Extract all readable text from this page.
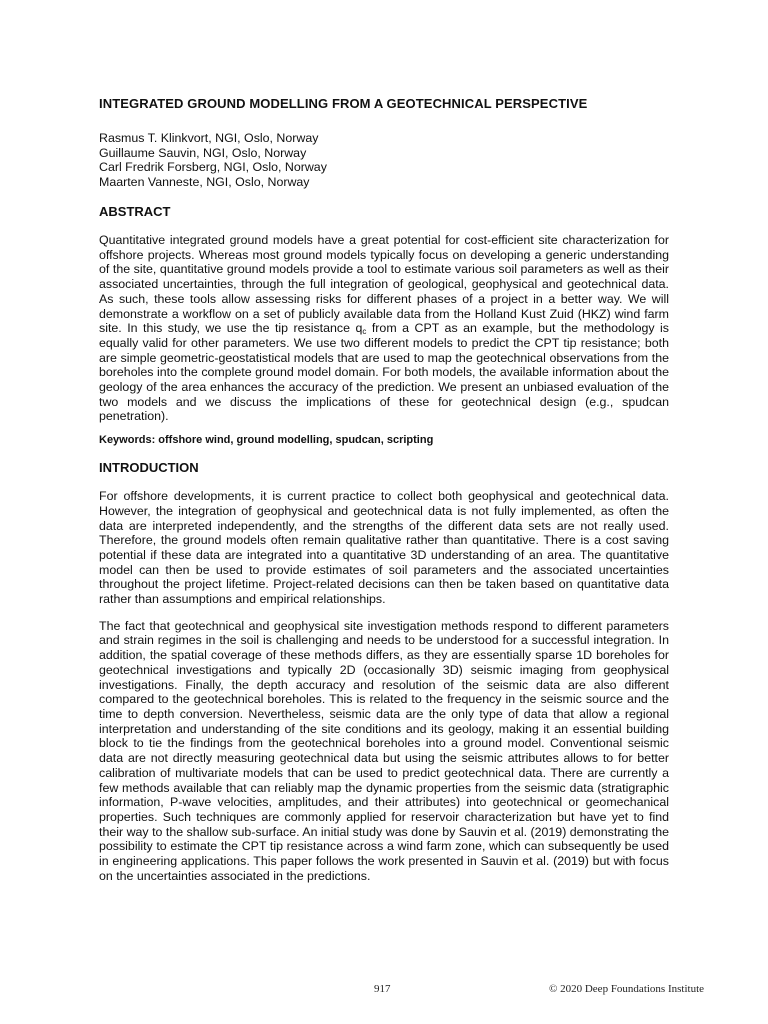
INTEGRATED GROUND MODELLING FROM A GEOTECHNICAL PERSPECTIVE
Rasmus T. Klinkvort, NGI, Oslo, Norway
Guillaume Sauvin, NGI, Oslo, Norway
Carl Fredrik Forsberg, NGI, Oslo, Norway
Maarten Vanneste, NGI, Oslo, Norway
ABSTRACT

Quantitative integrated ground models have a great potential for cost-efficient site characterization for offshore projects. Whereas most ground models typically focus on developing a generic understanding of the site, quantitative ground models provide a tool to estimate various soil parameters as well as their associated uncertainties, through the full integration of geological, geophysical and geotechnical data. As such, these tools allow assessing risks for different phases of a project in a better way. We will demonstrate a workflow on a set of publicly available data from the Holland Kust Zuid (HKZ) wind farm site. In this study, we use the tip resistance $q_c$ from a CPT as an example, but the methodology is equally valid for other parameters. We use two different models to predict the CPT tip resistance; both are simple geometric-geostatistical models that are used to map the geotechnical observations from the boreholes into the complete ground model domain. For both models, the available information about the geology of the area enhances the accuracy of the prediction. We present an unbiased evaluation of the two models and we discuss the implications of these for geotechnical design (e.g., spudcan penetration).

Keywords: offshore wind, ground modelling, spudcan, scripting
INTRODUCTION

For offshore developments, it is current practice to collect both geophysical and geotechnical data. However, the integration of geophysical and geotechnical data is not fully implemented, as often the data are interpreted independently, and the strengths of the different data sets are not really used. Therefore, the ground models often remain qualitative rather than quantitative. There is a cost saving potential if these data are integrated into a quantitative 3D understanding of an area. The quantitative model can then be used to provide estimates of soil parameters and the associated uncertainties throughout the project lifetime. Project-related decisions can then be taken based on quantitative data rather than assumptions and empirical relationships.

The fact that geotechnical and geophysical site investigation methods respond to different parameters and strain regimes in the soil is challenging and needs to be understood for a successful integration. In addition, the spatial coverage of these methods differs, as they are essentially sparse 1D boreholes for geotechnical investigations and typically 2D (occasionally 3D) seismic imaging from geophysical investigations. Finally, the depth accuracy and resolution of the seismic data are also different compared to the geotechnical boreholes. This is related to the frequency in the seismic source and the time to depth conversion. Nevertheless, seismic data are the only type of data that allow a regional interpretation and understanding of the site conditions and its geology, making it an essential building block to tie the findings from the geotechnical boreholes into a ground model. Conventional seismic data are not directly measuring geotechnical data but using the seismic attributes allows to for better calibration of multivariate models that can be used to predict geotechnical data. There are currently a few methods available that can reliably map the dynamic properties from the seismic data (stratigraphic information, P-wave velocities, amplitudes, and their attributes) into geotechnical or geomechanical properties. Such techniques are commonly applied for reservoir characterization but have yet to find their way to the shallow sub-surface. An initial study was done by Sauvin et al. (2019) demonstrating the possibility to estimate the CPT tip resistance across a wind farm zone, which can subsequently be used in engineering applications. This paper follows the work presented in Sauvin et al. (2019) but with focus on the uncertainties associated in the predictions.

917	© 2020 Deep Foundations Institute
